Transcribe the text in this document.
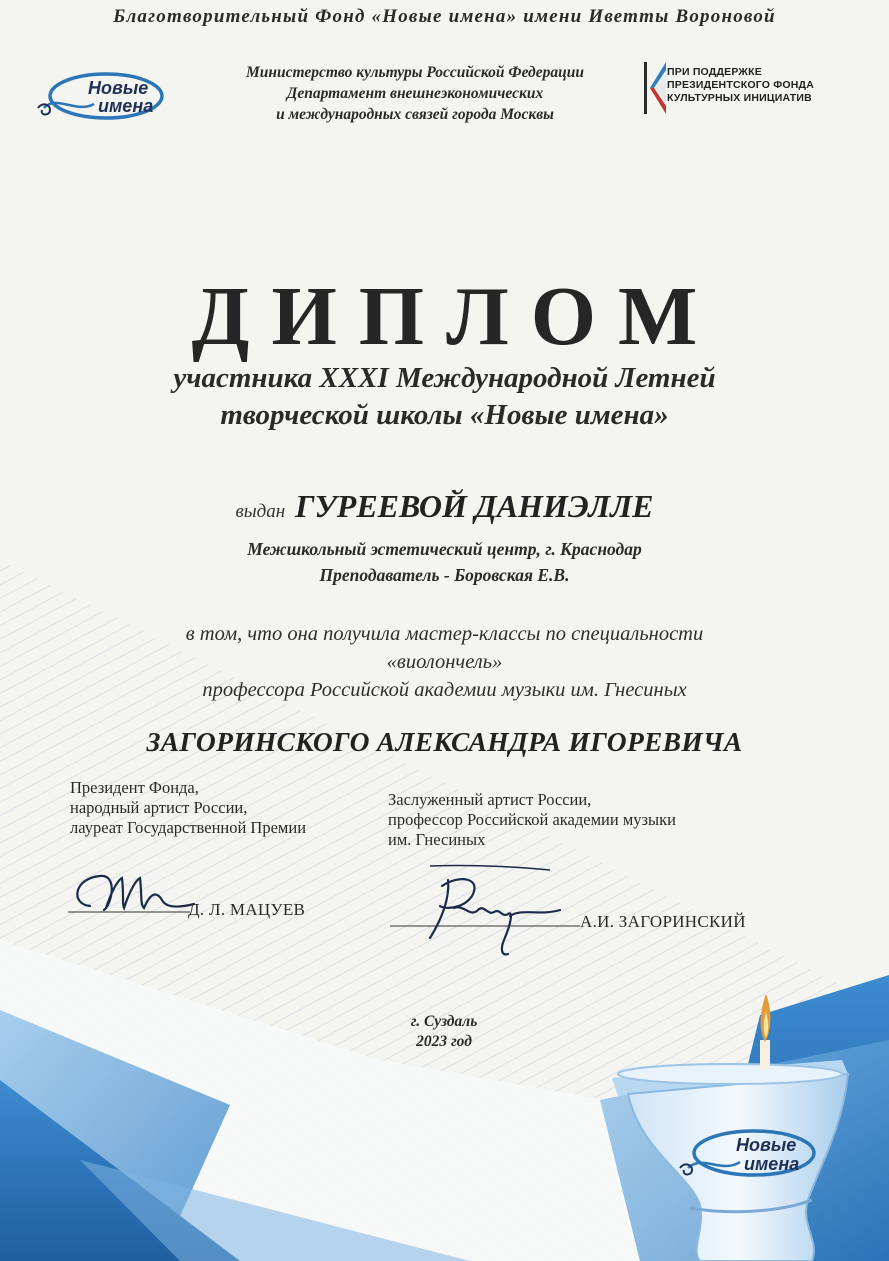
Благотворительный Фонд «Новые имена» имени Иветты Вороновой
Новые
имена
Министерство культуры Российской Федерации
Департамент внешнеэкономических
и международных связей города Москвы
ПРИ ПОДДЕРЖКЕ
ПРЕЗИДЕНТСКОГО ФОНДА
КУЛЬТУРНЫХ ИНИЦИАТИВ
ДИПЛОМ
участника XXXI Международной Летней
творческой школы «Новые имена»
выдан ГУРЕЕВОЙ ДАНИЭЛЛЕ
Межшкольный эстетический центр, г. Краснодар
Преподаватель - Боровская Е.В.
в том, что она получила мастер-классы по специальности
«виолончель»
профессора Российской академии музыки им. Гнесиных
ЗАГОРИНСКОГО АЛЕКСАНДРА ИГОРЕВИЧА
Президент Фонда,
народный артист России,
лауреат Государственной Премии
Д. Л. МАЦУЕВ
Заслуженный артист России,
профессор Российской академии музыки
им. Гнесиных
А.И. ЗАГОРИНСКИЙ
г. Суздаль
2023 год
Новые
имена
